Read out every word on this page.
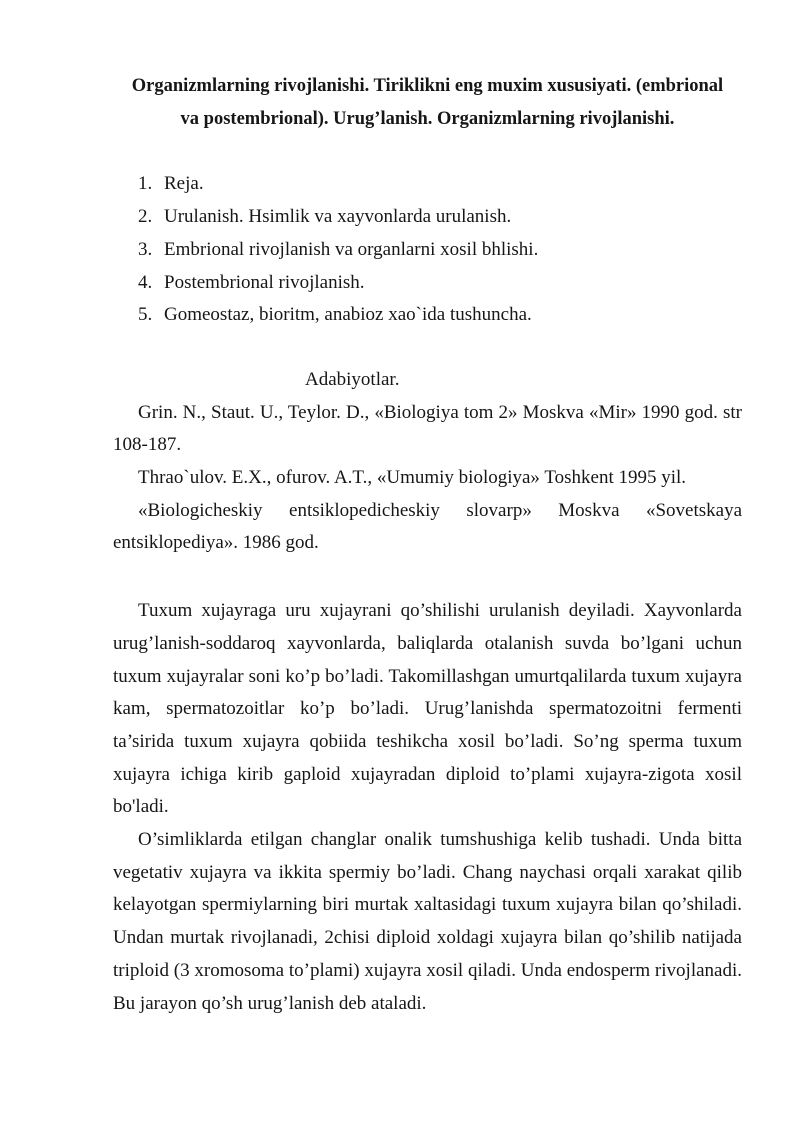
Organizmlarning rivojlanishi. Tiriklikni eng muxim xususiyati. (embrional
va postembrional). Urug’lanish. Organizmlarning rivojlanishi.
1. Reja.
2. Urulanish. Hsimlik va xayvonlarda urulanish.
3. Embrional rivojlanish va organlarni xosil bhlishi.
4. Postembrional rivojlanish.
5. Gomeostaz, bioritm, anabioz xao`ida tushuncha.
Adabiyotlar.
Grin. N., Staut. U., Teylor. D., «Biologiya tom 2» Moskva «Mir» 1990 god. str 108-187.
Thrao`ulov. E.X., ofurov. A.T., «Umumiy biologiya» Toshkent 1995 yil.
«Biologicheskiy entsiklopedicheskiy slovarp» Moskva «Sovetskaya entsiklopediya». 1986 god.
Tuxum xujayraga uru xujayrani qo’shilishi urulanish deyiladi. Xayvonlarda urug’lanish-soddaroq xayvonlarda, baliqlarda otalanish suvda bo’lgani uchun tuxum xujayralar soni ko’p bo’ladi. Takomillashgan umurtqalilarda tuxum xujayra kam, spermatozoitlar ko’p bo’ladi. Urug’lanishda spermatozoitni fermenti ta’sirida tuxum xujayra qobiida teshikcha xosil bo’ladi. So’ng sperma tuxum xujayra ichiga kirib gaploid xujayradan diploid to’plami xujayra-zigota xosil bo'ladi.
O’simliklarda etilgan changlar onalik tumshushiga kelib tushadi. Unda bitta vegetativ xujayra va ikkita spermiy bo’ladi. Chang naychasi orqali xarakat qilib kelayotgan spermiylarning biri murtak xaltasidagi tuxum xujayra bilan qo’shiladi. Undan murtak rivojlanadi, 2chisi diploid xoldagi xujayra bilan qo’shilib natijada triploid (3 xromosoma to’plami) xujayra xosil qiladi. Unda endosperm rivojlanadi. Bu jarayon qo’sh urug’lanish deb ataladi.
